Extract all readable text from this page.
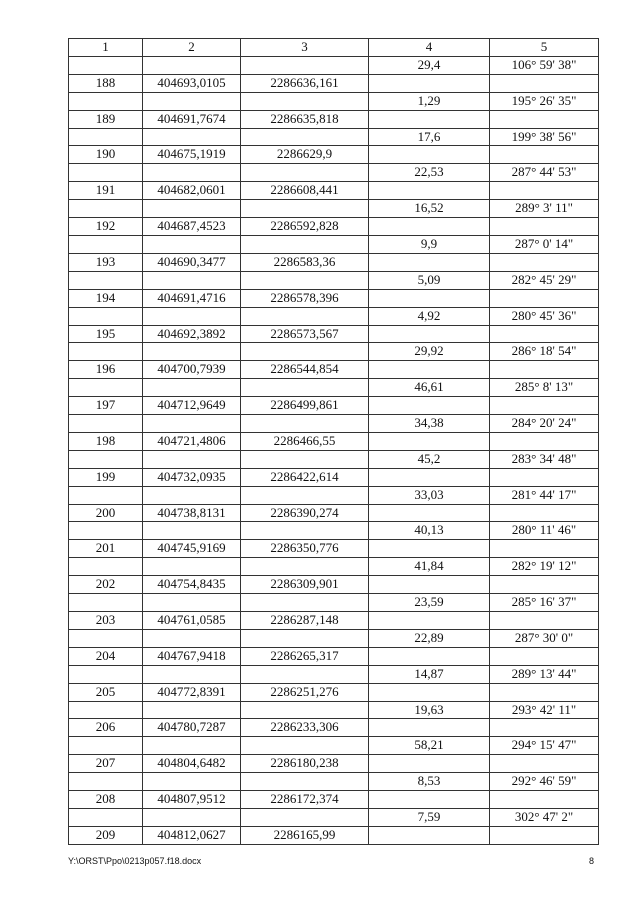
1	2	3	4	5
			29,4	106° 59' 38"
188	404693,0105	2286636,161		
			1,29	195° 26' 35"
189	404691,7674	2286635,818		
			17,6	199° 38' 56"
190	404675,1919	2286629,9		
			22,53	287° 44' 53"
191	404682,0601	2286608,441		
			16,52	289° 3' 11"
192	404687,4523	2286592,828		
			9,9	287° 0' 14"
193	404690,3477	2286583,36		
			5,09	282° 45' 29"
194	404691,4716	2286578,396		
			4,92	280° 45' 36"
195	404692,3892	2286573,567		
			29,92	286° 18' 54"
196	404700,7939	2286544,854		
			46,61	285° 8' 13"
197	404712,9649	2286499,861		
			34,38	284° 20' 24"
198	404721,4806	2286466,55		
			45,2	283° 34' 48"
199	404732,0935	2286422,614		
			33,03	281° 44' 17"
200	404738,8131	2286390,274		
			40,13	280° 11' 46"
201	404745,9169	2286350,776		
			41,84	282° 19' 12"
202	404754,8435	2286309,901		
			23,59	285° 16' 37"
203	404761,0585	2286287,148		
			22,89	287° 30' 0"
204	404767,9418	2286265,317		
			14,87	289° 13' 44"
205	404772,8391	2286251,276		
			19,63	293° 42' 11"
206	404780,7287	2286233,306		
			58,21	294° 15' 47"
207	404804,6482	2286180,238		
			8,53	292° 46' 59"
208	404807,9512	2286172,374		
			7,59	302° 47' 2"
209	404812,0627	2286165,99		
Y:\ORST\Ppo\0213p057.f18.docx	8
